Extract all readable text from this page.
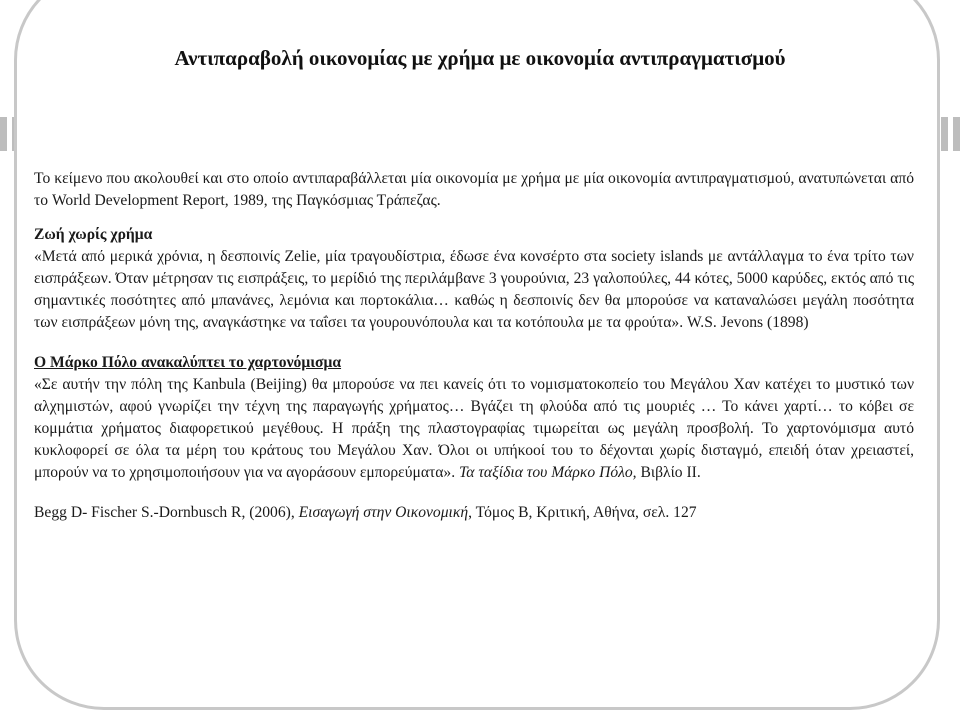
Αντιπαραβολή οικονομίας με χρήμα με οικονομία αντιπραγματισμού

Το κείμενο που ακολουθεί και στο οποίο αντιπαραβάλλεται μία οικονομία με χρήμα με μία οικονομία αντιπραγματισμού, ανατυπώνεται από το World Development Report, 1989, της Παγκόσμιας Τράπεζας.

Ζωή χωρίς χρήμα

«Μετά από μερικά χρόνια, η δεσποινίς Zelie, μία τραγουδίστρια, έδωσε ένα κονσέρτο στα society islands με αντάλλαγμα το ένα τρίτο των εισπράξεων. Όταν μέτρησαν τις εισπράξεις, το μερίδιό της περιλάμβανε 3 γουρούνια, 23 γαλοπούλες, 44 κότες, 5000 καρύδες, εκτός από τις σημαντικές ποσότητες από μπανάνες, λεμόνια και πορτοκάλια… καθώς η δεσποινίς δεν θα μπορούσε να καταναλώσει μεγάλη ποσότητα των εισπράξεων μόνη της, αναγκάστηκε να ταΐσει τα γουρουνόπουλα και τα κοτόπουλα με τα φρούτα». W.S. Jevons (1898)

Ο Μάρκο Πόλο ανακαλύπτει το χαρτονόμισμα

«Σε αυτήν την πόλη της Kanbula (Beijing) θα μπορούσε να πει κανείς ότι το νομισματοκοπείο του Μεγάλου Χαν κατέχει το μυστικό των αλχημιστών, αφού γνωρίζει την τέχνη της παραγωγής χρήματος… Βγάζει τη φλούδα από τις μουριές … Το κάνει χαρτί… το κόβει σε κομμάτια χρήματος διαφορετικού μεγέθους. Η πράξη της πλαστογραφίας τιμωρείται ως μεγάλη προσβολή. Το χαρτονόμισμα αυτό κυκλοφορεί σε όλα τα μέρη του κράτους του Μεγάλου Χαν. Όλοι οι υπήκοοί του το δέχονται χωρίς δισταγμό, επειδή όταν χρειαστεί, μπορούν να το χρησιμοποιήσουν για να αγοράσουν εμπορεύματα». Τα ταξίδια του Μάρκο Πόλο, Βιβλίο ΙΙ.

Begg D- Fischer S.-Dornbusch R, (2006), Εισαγωγή στην Οικονομική, Τόμος Β, Κριτική, Αθήνα, σελ. 127
